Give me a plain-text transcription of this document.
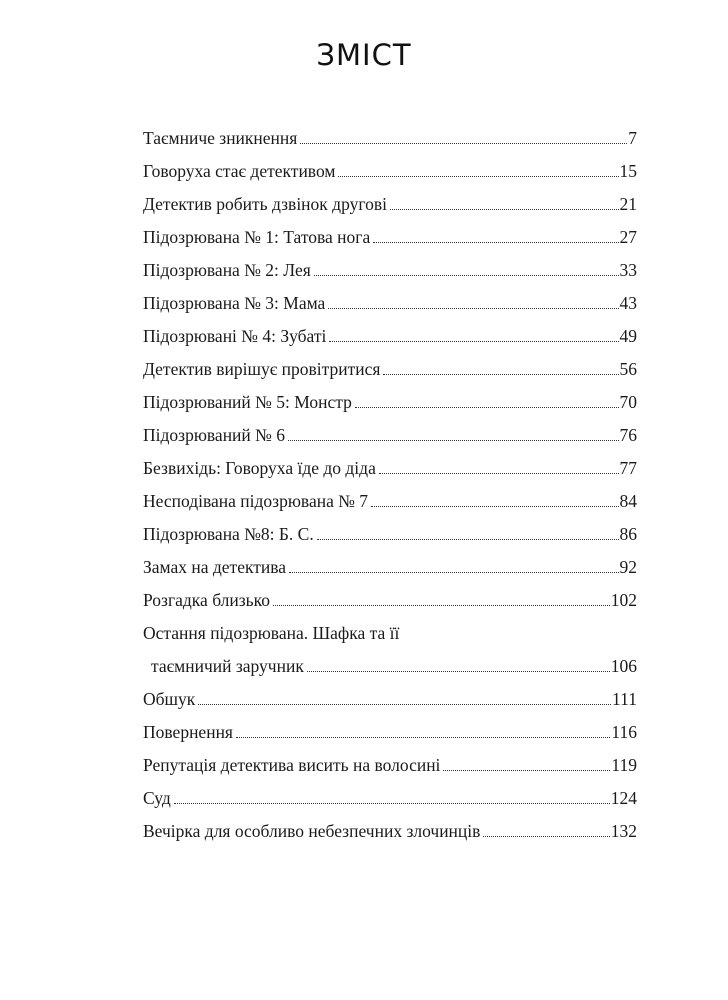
ЗМІСТ
Таємниче зникнення	7
Говоруха стає детективом	15
Детектив робить дзвінок другові	21
Підозрювана № 1: Татова нога	27
Підозрювана № 2: Лея	33
Підозрювана № 3: Мама	43
Підозрювані № 4: Зубаті	49
Детектив вирішує провітритися	56
Підозрюваний № 5: Монстр	70
Підозрюваний № 6	76
Безвихідь: Говоруха їде до діда	77
Несподівана підозрювана № 7	84
Підозрювана №8: Б. С.	86
Замах на детектива	92
Розгадка близько	102
Остання підозрювана. Шафка та її
таємничий заручник	106
Обшук	111
Повернення	116
Репутація детектива висить на волосині	119
Суд	124
Вечірка для особливо небезпечних злочинців	132
